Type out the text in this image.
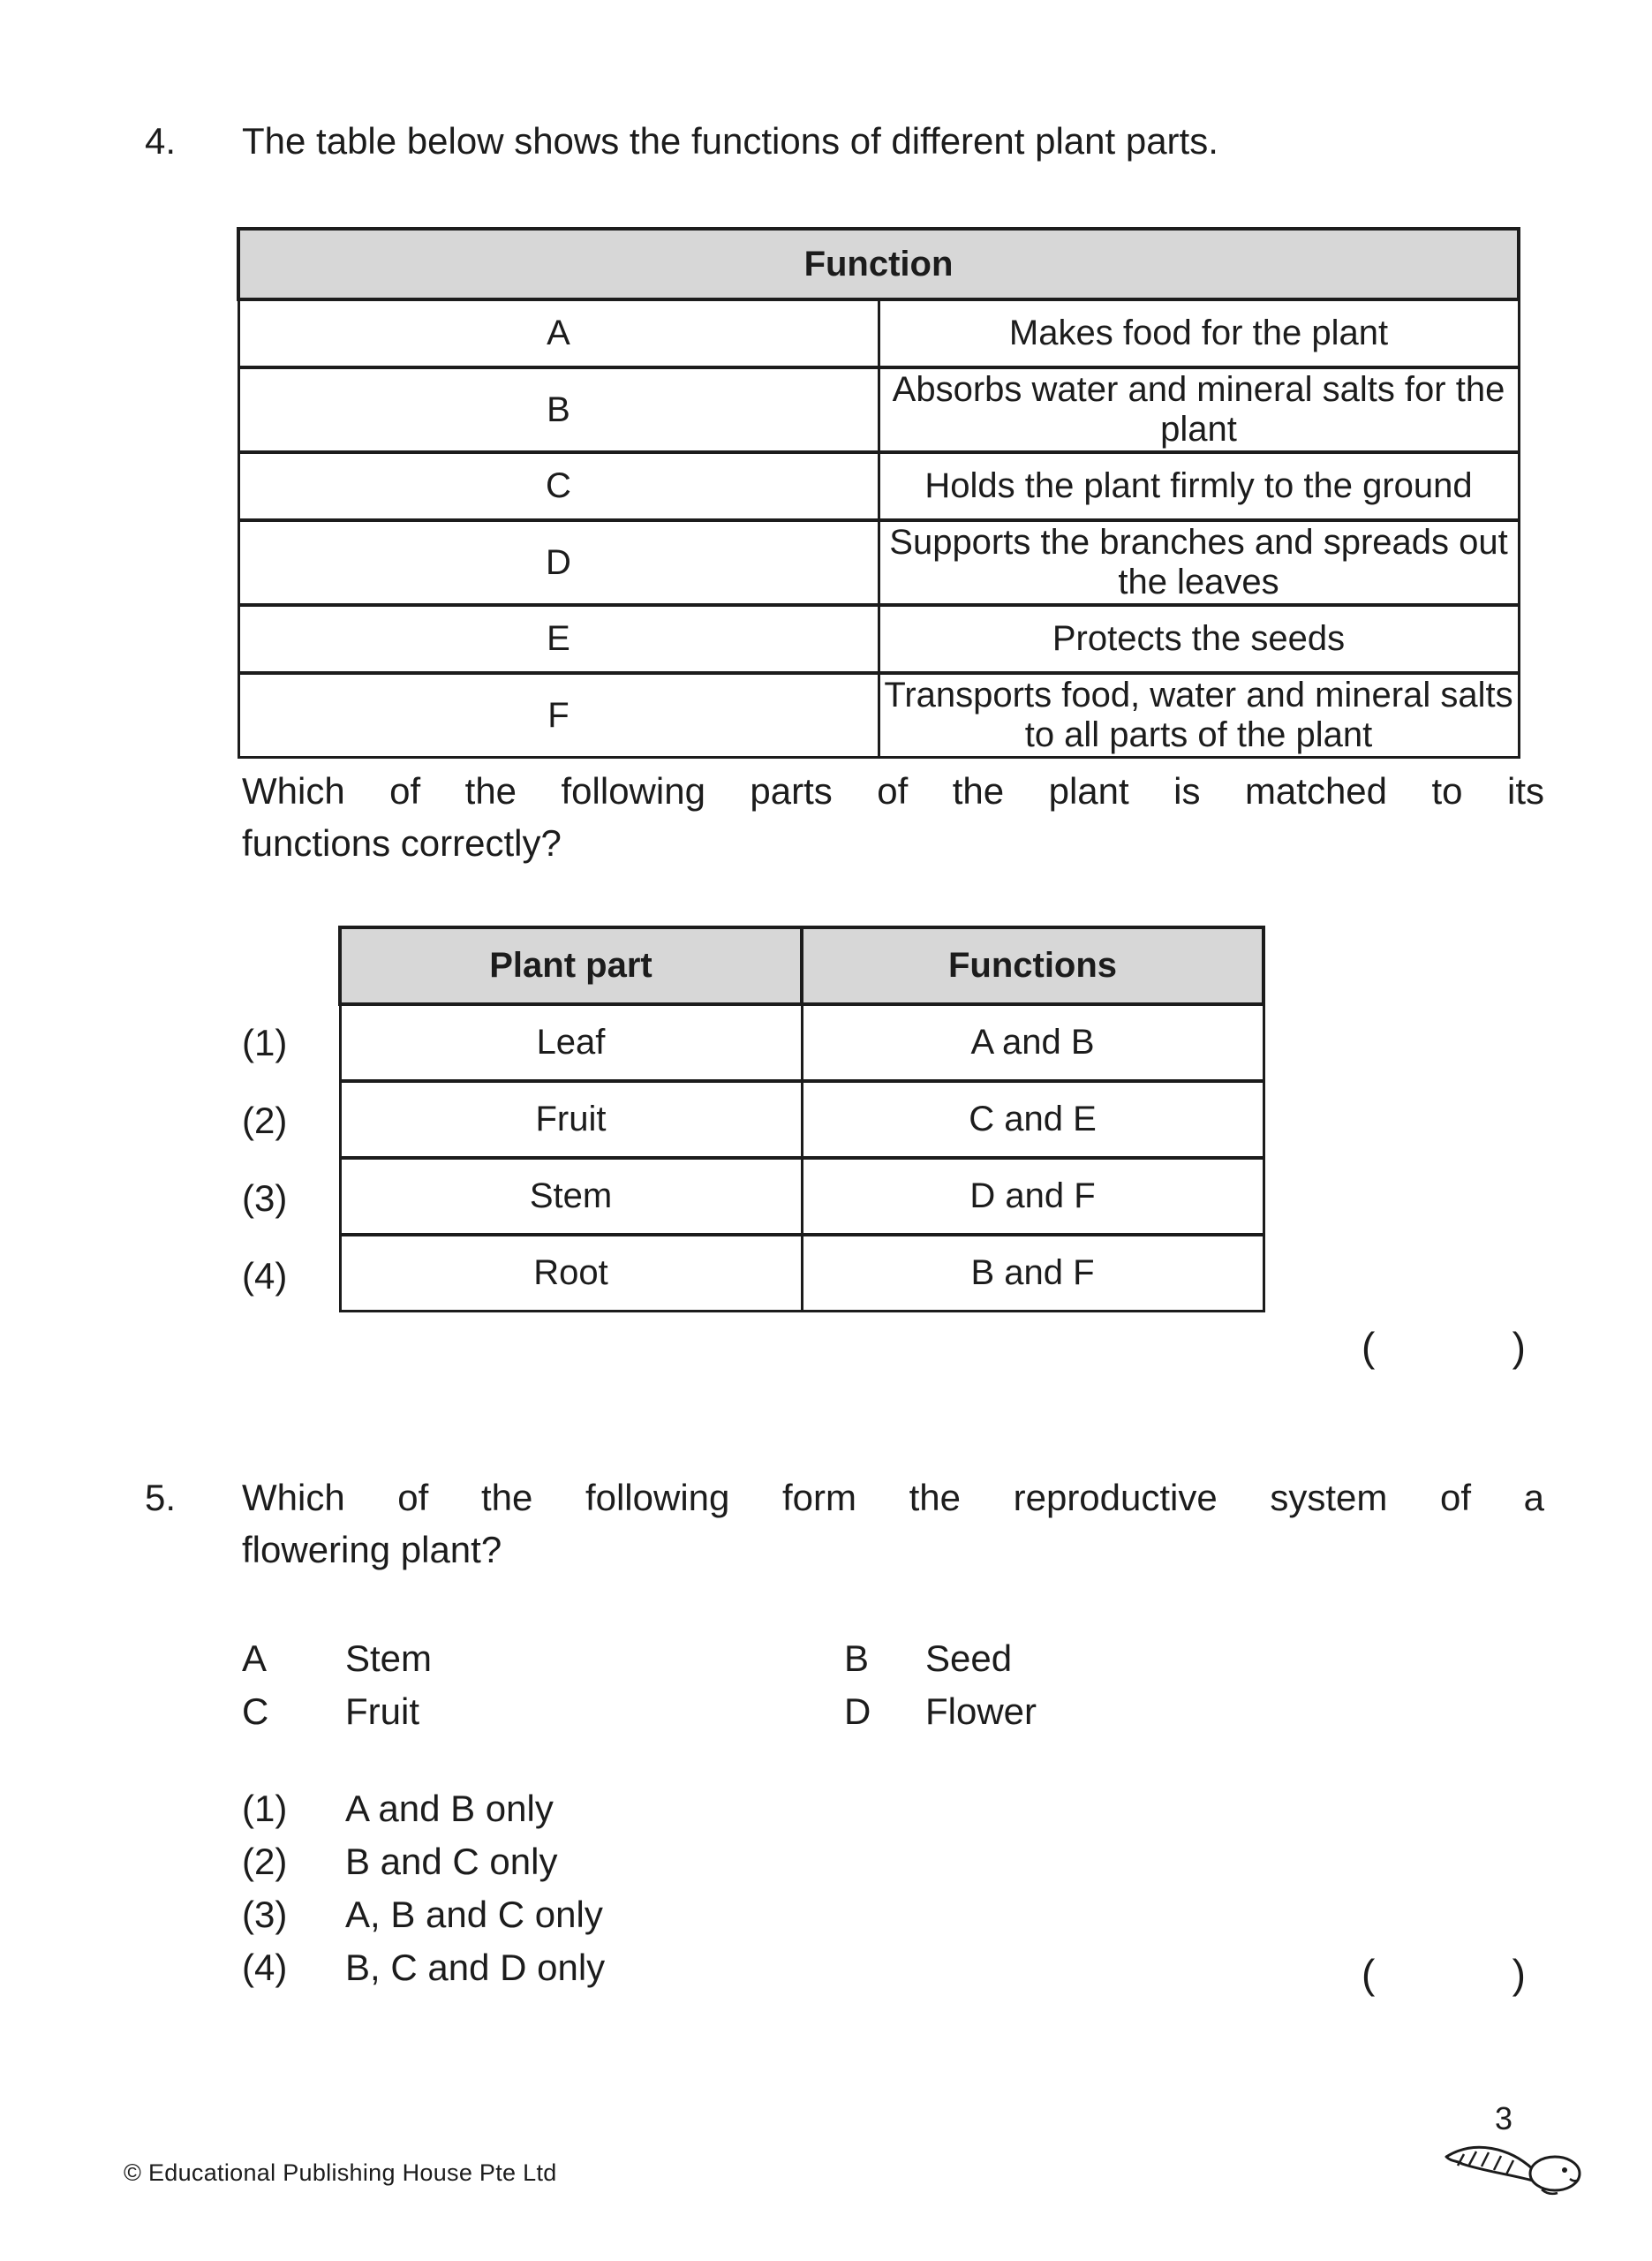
4. The table below shows the functions of different plant parts.
Function	
A	Makes food for the plant
B	Absorbs water and mineral salts for the plant
C	Holds the plant firmly to the ground
D	Supports the branches and spreads out the leaves
E	Protects the seeds
F	Transports food, water and mineral salts to all parts of the plant
Which of the following parts of the plant is matched to its
functions correctly?
Plant part	Functions
Leaf	A and B
Fruit	C and E
Stem	D and F
Root	B and F
(1)
(2)
(3)
(4)
(	)
5. Which of the following form the reproductive system of a
flowering plant?
A Stem	B Seed
C Fruit	D Flower
(1) A and B only
(2) B and C only
(3) A, B and C only
(4) B, C and D only	(	)
© Educational Publishing House Pte Ltd
3
